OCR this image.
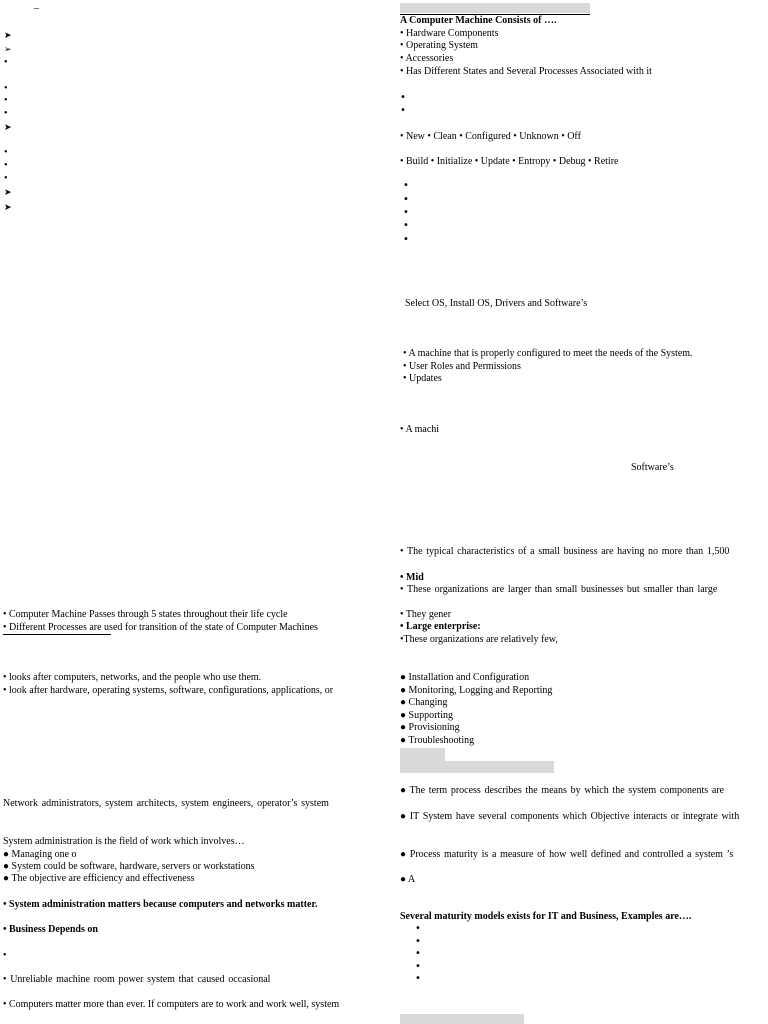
–

➤

➢

•

•

•

•

➤

•

•

•

➤

➤

• Computer Machine Passes through 5 states throughout their life cycle

• Different Processes are used for transition of the state of Computer Machines

• looks after computers, networks, and the people who use them.

• look after hardware, operating systems, software, configurations, applications, or

Network administrators, system architects, system engineers, operator’s system

System administration is the field of work which involves…

● Managing one o

● System could be software, hardware, servers or workstations

● The objective are efficiency and effectiveness

• System administration matters because computers and networks matter.

• Business Depends on

•

• Unreliable machine room power system that caused occasional

• Computers matter more than ever. If computers are to work and work well, system

A Computer Machine Consists of ….

• Hardware Components

• Operating System

• Accessories

• Has Different States and Several Processes Associated with it

•

•

• New • Clean • Configured • Unknown • Off

• Build • Initialize • Update • Entropy • Debug • Retire

•

•

•

•

•

Select OS, Install OS, Drivers and Software’s

• A machine that is properly configured to meet the needs of the System.

• User Roles and Permissions

• Updates

• A machi

Software’s

• The typical characteristics of a small business are having no more than 1,500

• Mid

• These organizations are larger than small businesses but smaller than large

• They gener

• Large enterprise:

•These organizations are relatively few,

● Installation and Configuration

● Monitoring, Logging and Reporting

● Changing

● Supporting

● Provisioning

● Troubleshooting

● The term process describes the means by which the system components are

● IT System have several components which Objective interacts or integrate with

● Process maturity is a measure of how well defined and controlled a system ’s

● A

Several maturity models exists for IT and Business, Examples are….

•

•

•

•

•
